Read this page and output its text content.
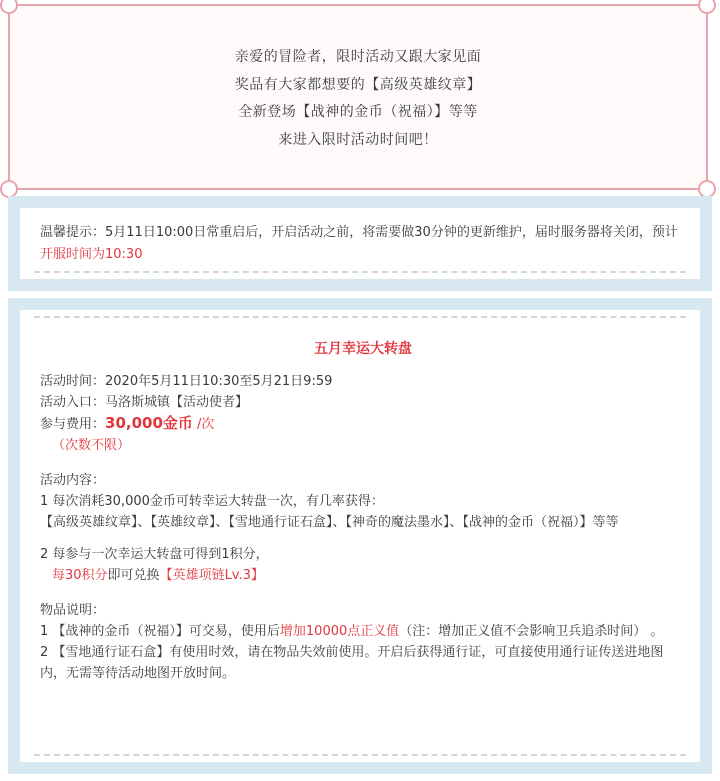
亲爱的冒险者，限时活动又跟大家见面
奖品有大家都想要的【高级英雄纹章】
全新登场【战神的金币（祝福）】等等
来进入限时活动时间吧！
温馨提示：5月11日10:00日常重启后，开启活动之前，将需要做30分钟的更新维护，届时服务器将关闭，预计开服时间为10:30
五月幸运大转盘

活动时间：2020年5月11日10:30至5月21日9:59

活动入口：马洛斯城镇【活动使者】

参与费用：30,000金币 /次

（次数不限）

活动内容：

1 每次消耗30,000金币可转幸运大转盘一次，有几率获得：

【高级英雄纹章】、【英雄纹章】、【雪地通行证石盒】、【神奇的魔法墨水】、【战神的金币（祝福）】等等

2 每参与一次幸运大转盘可得到1积分，

每30积分即可兑换【英雄项链Lv.3】

物品说明：

1 【战神的金币（祝福）】可交易，使用后增加10000点正义值（注：增加正义值不会影响卫兵追杀时间） 。

2 【雪地通行证石盒】有使用时效，请在物品失效前使用。开启后获得通行证，可直接使用通行证传送进地图内，无需等待活动地图开放时间。
